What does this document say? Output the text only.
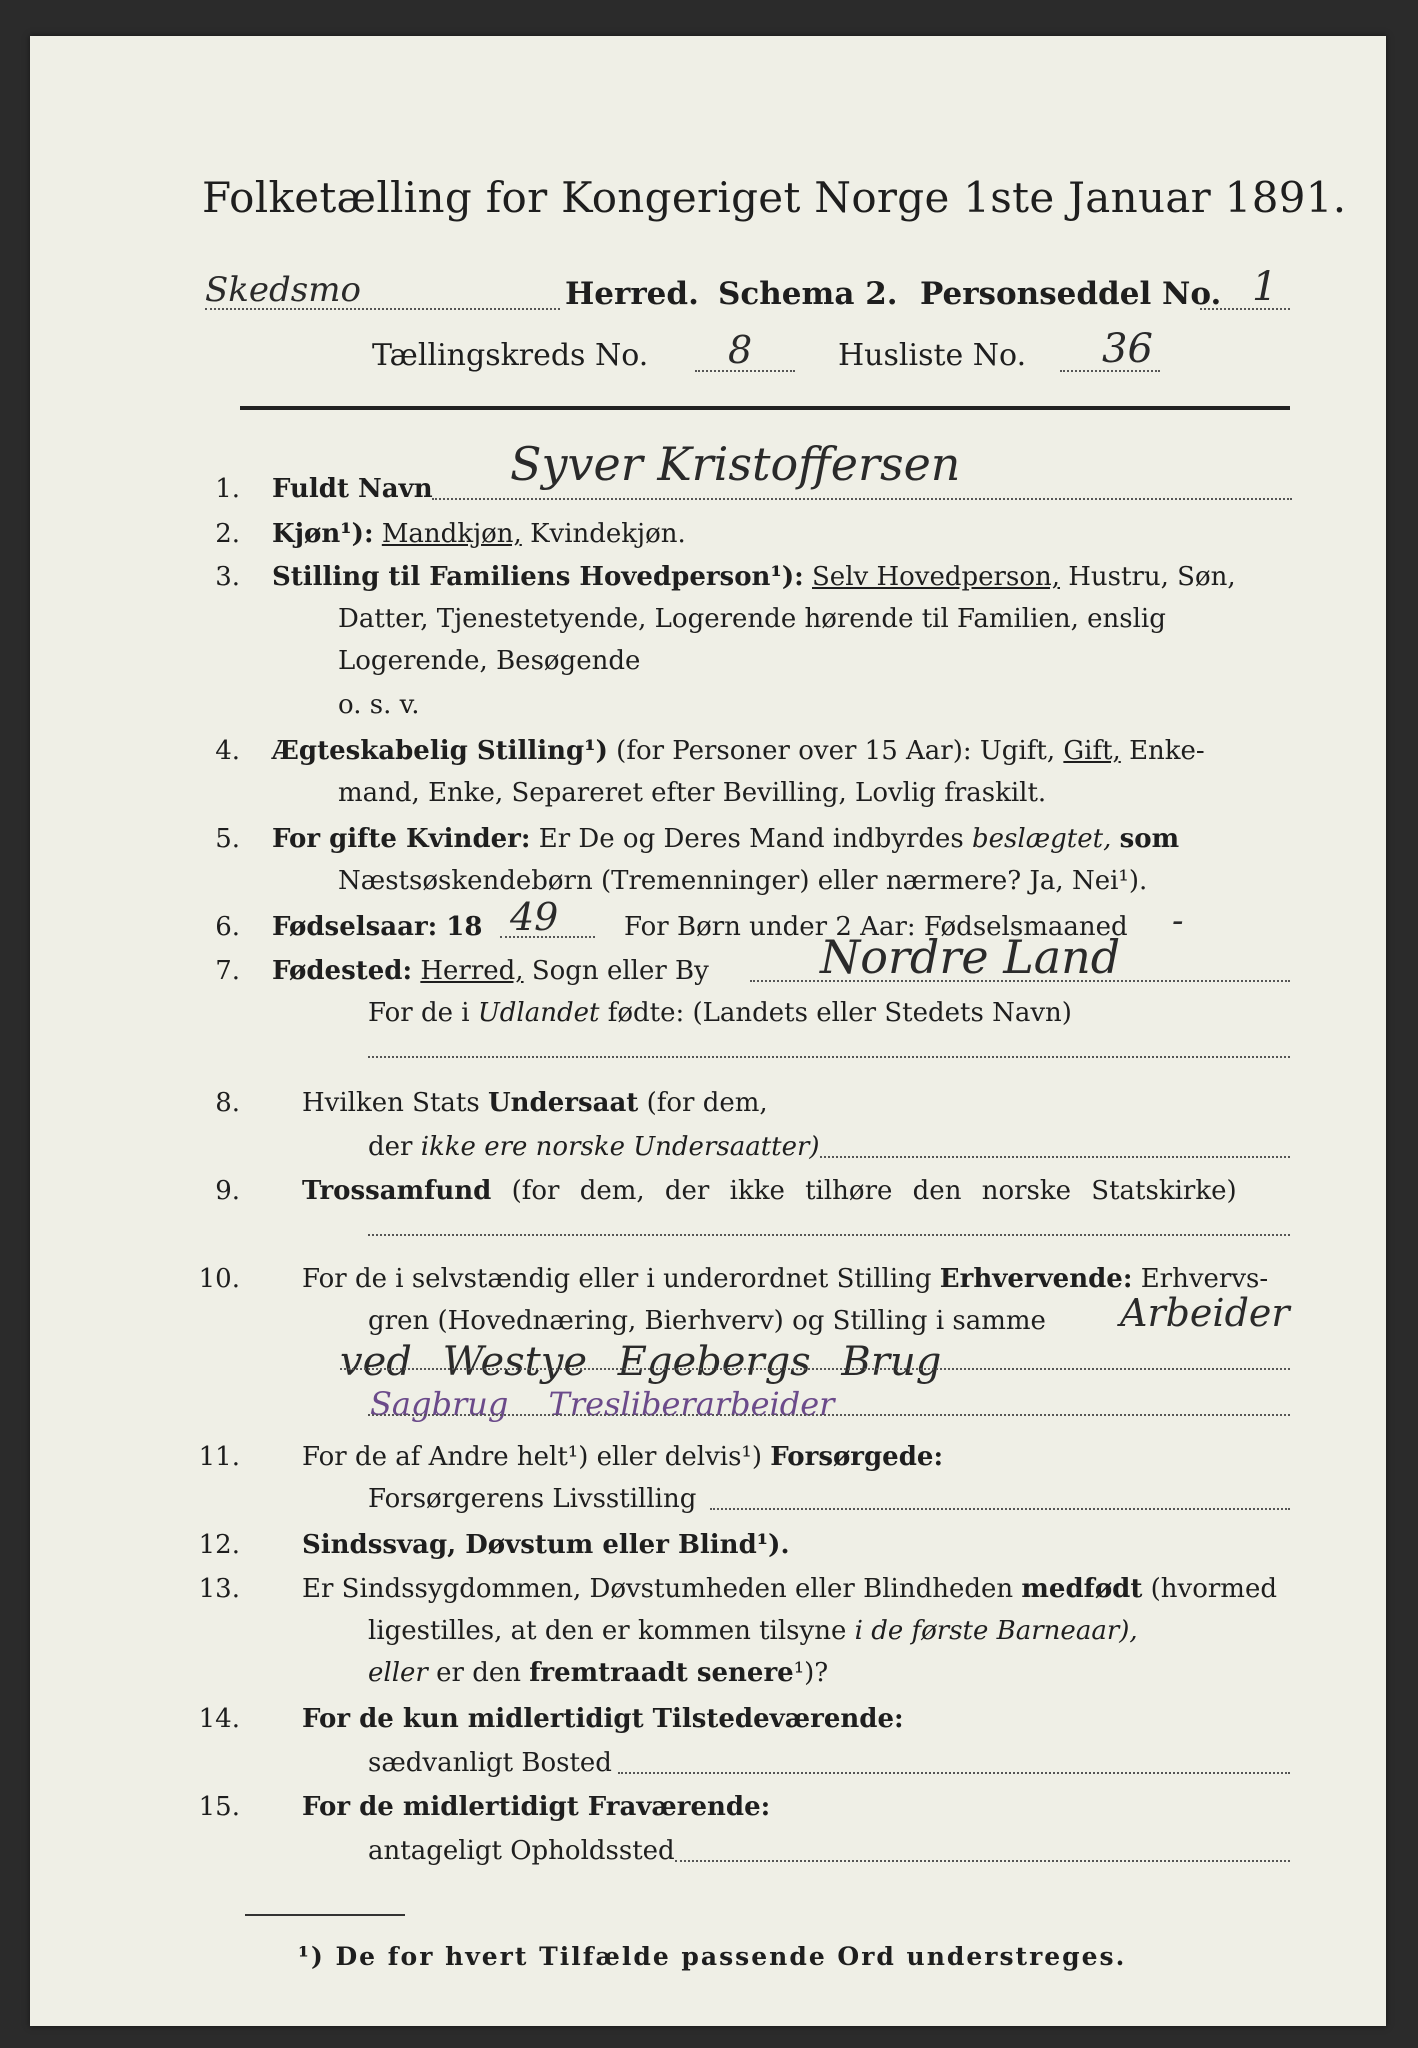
Folketælling for Kongeriget Norge 1ste Januar 1891.
Skedsmo	Herred. Schema 2. Personseddel No. 1
Tællingskreds No. 8	Husliste No. 36
1. Fuldt Navn Syver Kristoffersen
2. Kjøn¹): Mandkjøn, Kvindekjøn.
3. Stilling til Familiens Hovedperson¹): Selv Hovedperson, Hustru, Søn,
Datter, Tjenestetyende, Logerende hørende til Familien, enslig
Logerende, Besøgende
o. s. v.
4. Ægteskabelig Stilling¹) (for Personer over 15 Aar): Ugift, Gift, Enke-
mand, Enke, Separeret efter Bevilling, Lovlig fraskilt.
5. For gifte Kvinder: Er De og Deres Mand indbyrdes beslægtet, som
Næstsøskendebørn (Tremenninger) eller nærmere? Ja, Nei¹).
6. Fødselsaar: 18 49	For Børn under 2 Aar: Fødselsmaaned -
7. Fødested: Herred, Sogn eller By Nordre Land
For de i Udlandet fødte: (Landets eller Stedets Navn)
8. Hvilken Stats Undersaat (for dem,
der ikke ere norske Undersaatter)
9. Trossamfund (for dem, der ikke tilhøre den norske Statskirke)
10. For de i selvstændig eller i underordnet Stilling Erhvervende: Erhvervs-
gren (Hovednæring, Bierhverv) og Stilling i samme Arbeider
ved Westye Egebergs Brug
Sagbrug Tresliberarbeider
11. For de af Andre helt¹) eller delvis¹) Forsørgede:
Forsørgerens Livsstilling
12. Sindssvag, Døvstum eller Blind¹).
13. Er Sindssygdommen, Døvstumheden eller Blindheden medfødt (hvormed
ligestilles, at den er kommen tilsyne i de første Barneaar),
eller er den fremtraadt senere¹)?
14. For de kun midlertidigt Tilstedeværende:
sædvanligt Bosted
15. For de midlertidigt Fraværende:
antageligt Opholdssted
¹) De for hvert Tilfælde passende Ord understreges.
